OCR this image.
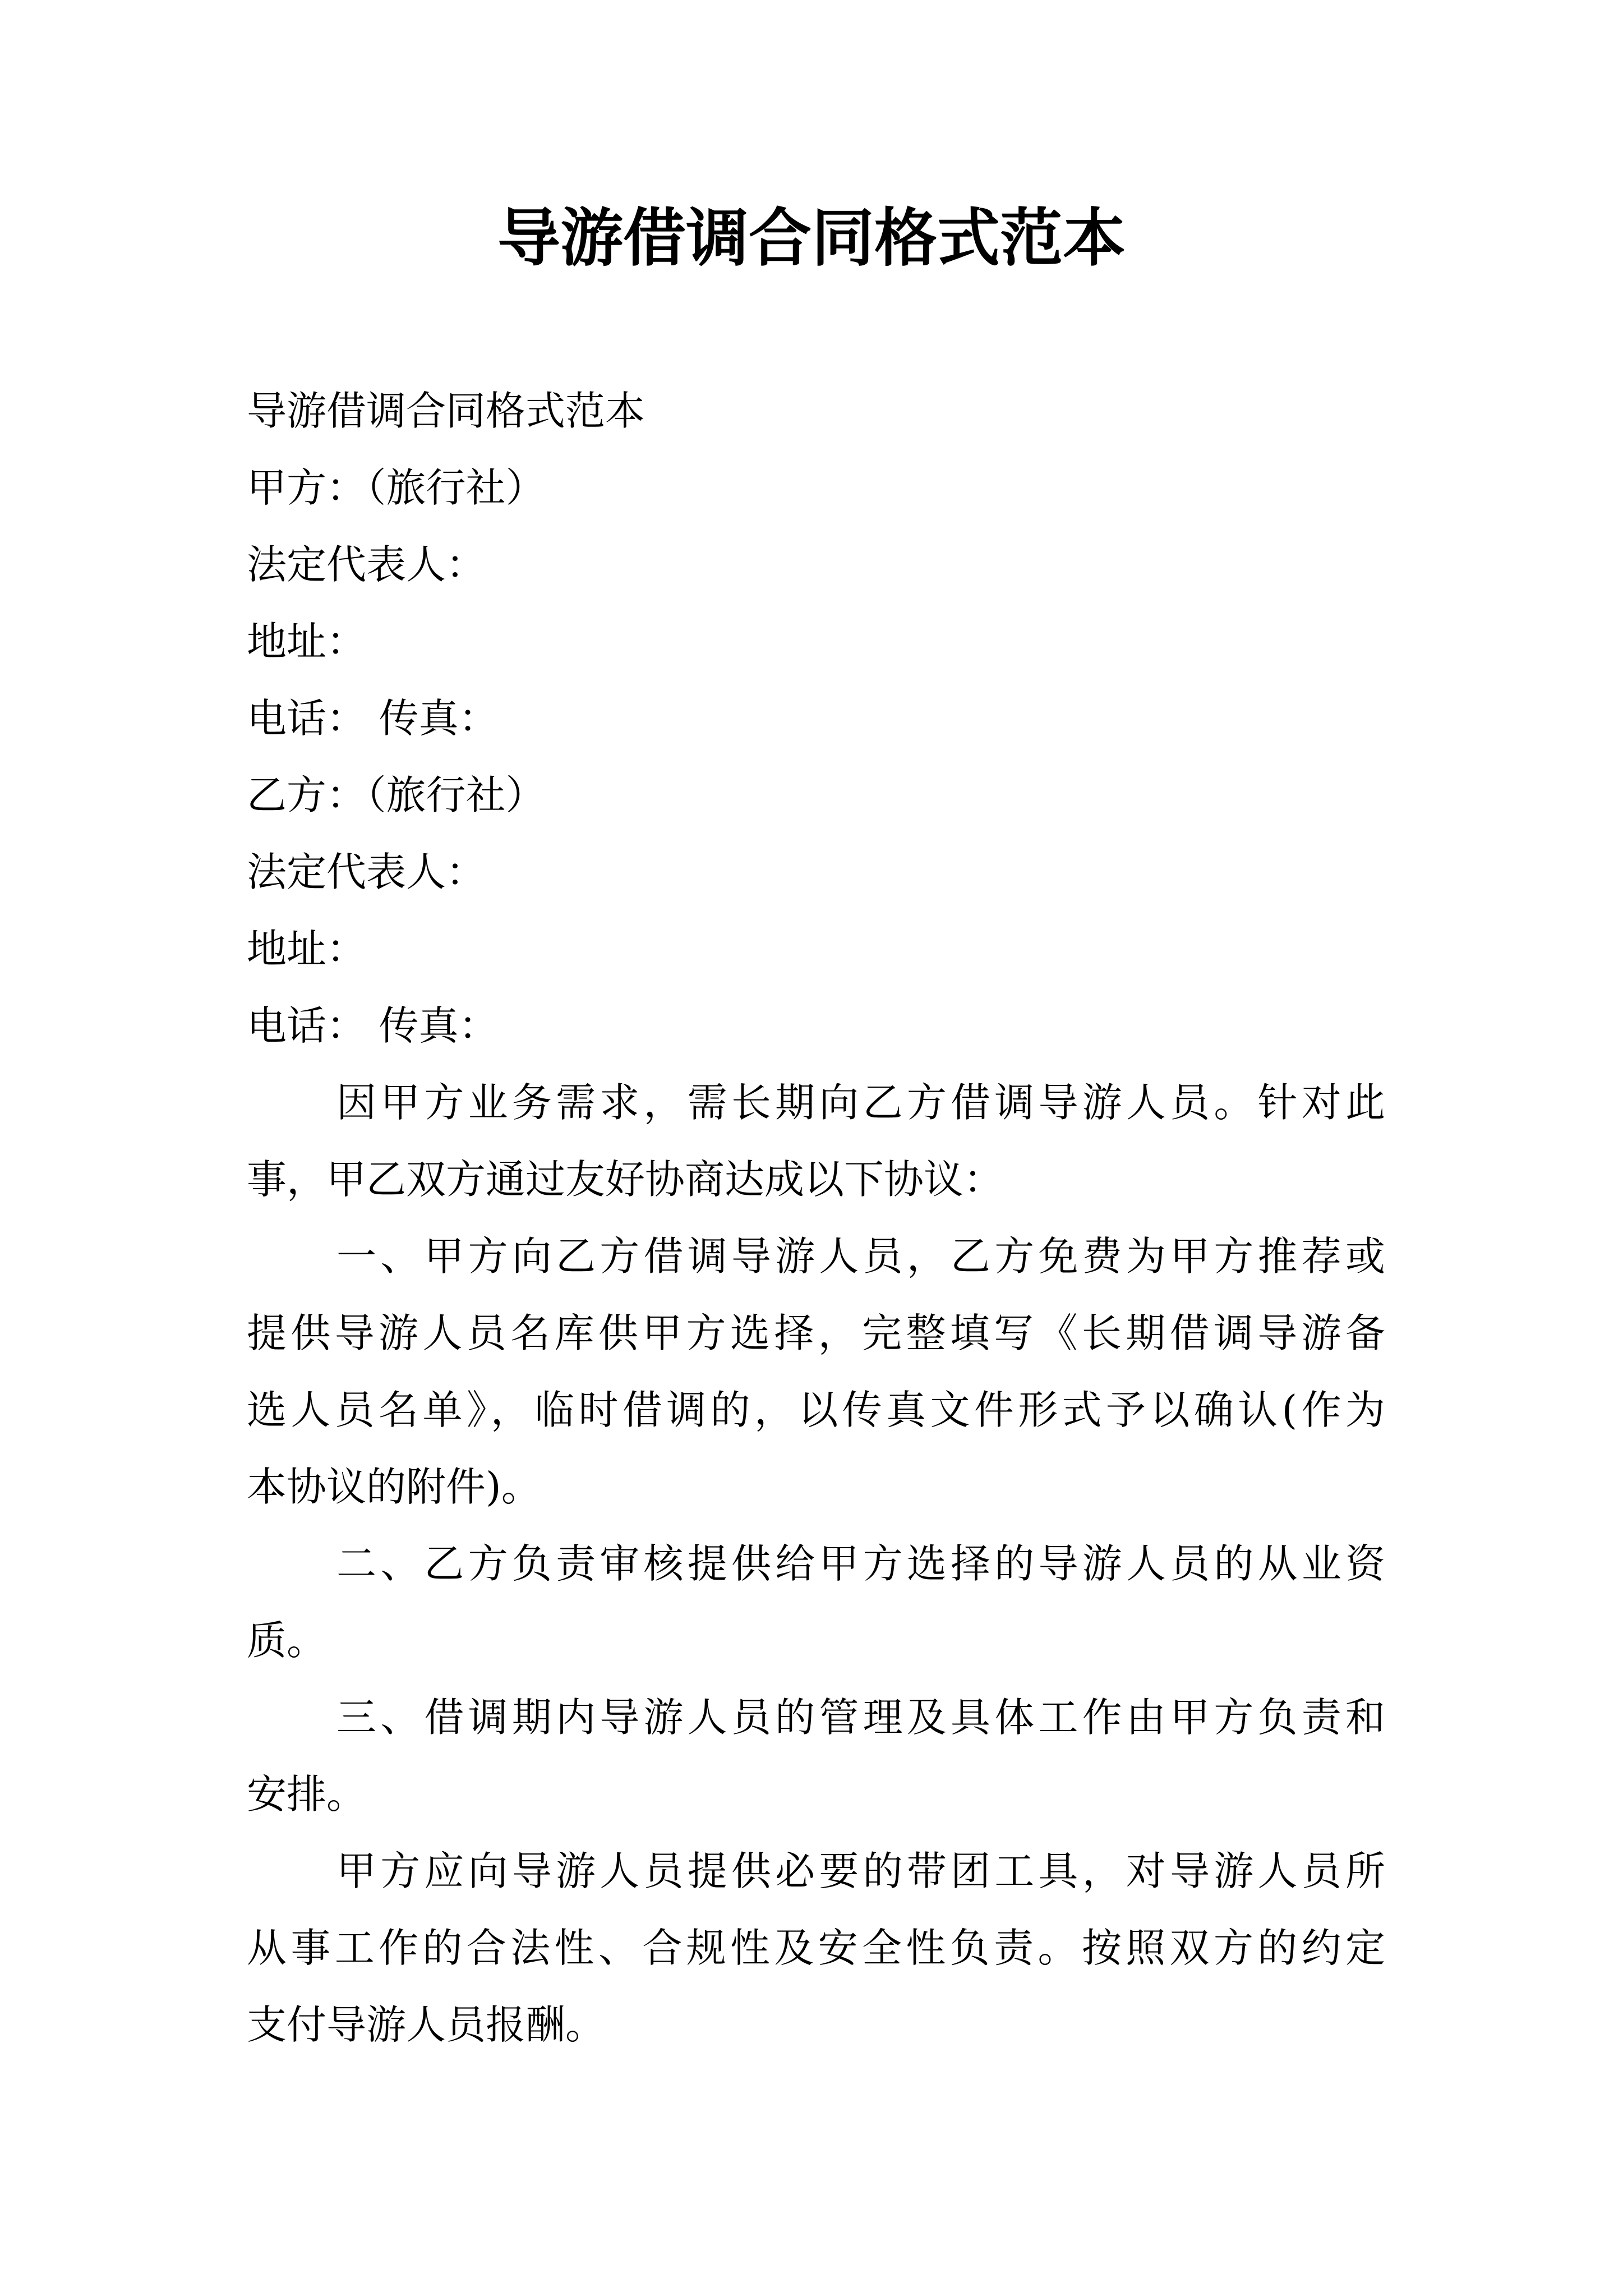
导游借调合同格式范本
导游借调合同格式范本
甲方：（旅行社）
法定代表人：
地址：
电话： 传真：
乙方：（旅行社）
法定代表人：
地址：
电话： 传真：
因甲方业务需求，需长期向乙方借调导游人员。针对此
事，甲乙双方通过友好协商达成以下协议：
一、甲方向乙方借调导游人员，乙方免费为甲方推荐或
提供导游人员名库供甲方选择，完整填写《长期借调导游备
选人员名单》，临时借调的，以传真文件形式予以确认(作为
本协议的附件)。
二、乙方负责审核提供给甲方选择的导游人员的从业资
质。
三、借调期内导游人员的管理及具体工作由甲方负责和
安排。
甲方应向导游人员提供必要的带团工具，对导游人员所
从事工作的合法性、合规性及安全性负责。按照双方的约定
支付导游人员报酬。
